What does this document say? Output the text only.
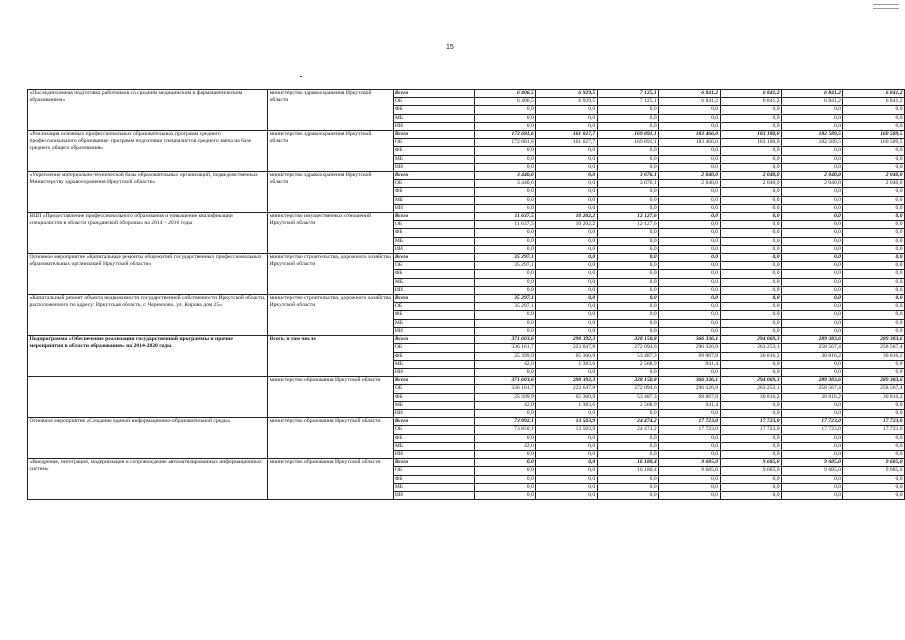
15
«Последипломная подготовка работников со средним медицинским и фармацевтическим образованием»	министерство здравоохранения Иркутской области	Всего	6 406,5	6 929,5	7 125,1	6 841,2	6 841,2	6 841,2	6 841,2
		ОБ	6 406,5	6 929,5	7 125,1	6 841,2	6 841,2	6 841,2	6 841,2
		ФБ	0,0	0,0	0,0	0,0	0,0	0,0	0,0
		МБ	0,0	0,0	0,0	0,0	0,0	0,0	0,0
		ИИ	0,0	0,0	0,0	0,0	0,0	0,0	0,0
«Реализация основных профессиональных образовательных программ среднего профессионального образования- программ подготовки специалистов среднего звена на базе среднего общего образования»	министерство здравоохранения Иркутской области	Всего	172 681,6	161 027,7	169 891,1	183 466,0	183 180,0	182 589,5	160 589,5
		ОБ	172 681,6	161 027,7	169 891,1	183 466,0	183 180,0	182 589,5	160 589,5
		ФБ	0,0	0,0	0,0	0,0	0,0	0,0	0,0
		МБ	0,0	0,0	0,0	0,0	0,0	0,0	0,0
		ИИ	0,0	0,0	0,0	0,0	0,0	0,0	0,0
«Укрепление материально-технической базы образовательных организаций, подведомственных Министерству здравоохранения Иркутской области»	министерство здравоохранения Иркутской области	Всего	3 440,6	0,0	3 676,1	2 040,0	2 040,0	2 040,0	2 040,0
		ОБ	3 440,6	0,0	3 676,1	2 040,0	2 040,0	2 040,0	2 040,0
		ФБ	0,0	0,0	0,0	0,0	0,0	0,0	0,0
		МБ	0,0	0,0	0,0	0,0	0,0	0,0	0,0
		ИИ	0,0	0,0	0,0	0,0	0,0	0,0	0,0
ВЦП «Предоставление профессионального образования и повышение квалификации специалистов в области гражданской обороны» на 2014 – 2016 годы	министерство имущественных отношений Иркутской области	Всего	11 637,5	10 202,2	12 127,6	0,0	0,0	0,0	0,0
		ОБ	11 637,5	10 202,2	12 127,6	0,0	0,0	0,0	0,0
		ФБ	0,0	0,0	0,0	0,0	0,0	0,0	0,0
		МБ	0,0	0,0	0,0	0,0	0,0	0,0	0,0
		ИИ	0,0	0,0	0,0	0,0	0,0	0,0	0,0
Основное мероприятие «Капитальные ремонты общежитий государственных профессиональных образовательных организаций Иркутской области»	министерство строительства, дорожного хозяйства Иркутской области	Всего	35 297,1	0,0	0,0	0,0	0,0	0,0	0,0
		ОБ	35 297,1	0,0	0,0	0,0	0,0	0,0	0,0
		ФБ	0,0	0,0	0,0	0,0	0,0	0,0	0,0
		МБ	0,0	0,0	0,0	0,0	0,0	0,0	0,0
		ИИ	0,0	0,0	0,0	0,0	0,0	0,0	0,0
«Капитальный ремонт объекта недвижимости государственной собственности Иркутской области, расположенного по адресу: Иркутская область, г. Черемхово, ул. Кирова дом 25»	министерство строительства, дорожного хозяйства Иркутской области	Всего	35 297,1	0,0	0,0	0,0	0,0	0,0	0,0
		ОБ	35 297,1	0,0	0,0	0,0	0,0	0,0	0,0
		ФБ	0,0	0,0	0,0	0,0	0,0	0,0	0,0
		МБ	0,0	0,0	0,0	0,0	0,0	0,0	0,0
		ИИ	0,0	0,0	0,0	0,0	0,0	0,0	0,0
Подпрограмма «Обеспечение реализации государственной программы и прочие мероприятия в области образования» на 2014-2020 годы	Всего, в том числе	Всего	371 603,6	290 392,3	328 150,8	366 336,1	294 069,3	289 383,6	289 383,6
		ОБ	336 161,7	223 647,8	272 094,6	296 326,9	263 253,1	258 567,4	258 567,4
		ФБ	35 399,9	65 360,9	53 487,3	69 067,8	30 816,2	30 816,2	30 816,2
		МБ	42,0	1 383,6	2 568,9	941,4	0,0	0,0	0,0
		ИИ	0,0	0,0	0,0	0,0	0,0	0,0	0,0
	министерство образования Иркутской области	Всего	371 603,6	290 392,3	328 150,8	366 336,1	294 069,3	289 383,6	289 383,6
		ОБ	336 161,7	223 647,8	272 094,6	296 326,9	263 253,1	258 567,4	258 567,4
		ФБ	35 399,9	65 360,9	53 487,3	69 067,8	30 816,2	30 816,2	30 816,2
		МБ	42,0	1 383,6	2 568,9	941,4	0,0	0,0	0,0
		ИИ	0,0	0,0	0,0	0,0	0,0	0,0	0,0
Основное мероприятие «Создание единой информационно-образовательной среды»	министерство образования Иркутской области	Всего	73 892,1	13 503,9	24 474,2	17 723,0	17 723,0	17 723,0	17 723,0
		ОБ	73 850,1	13 503,9	24 474,2	17 723,0	17 723,0	17 723,0	17 723,0
		ФБ	0,0	0,0	0,0	0,0	0,0	0,0	0,0
		МБ	42,0	0,0	0,0	0,0	0,0	0,0	0,0
		ИИ	0,0	0,0	0,0	0,0	0,0	0,0	0,0
«Внедрение, интеграция, модернизация и сопровождение автоматизированных информационных систем»	министерство образования Иркутской области	Всего	0,0	0,0	16 180,4	9 685,0	9 685,0	9 685,0	9 685,0
		ОБ	0,0	0,0	16 180,4	9 685,0	9 685,0	9 685,0	9 685,0
		ФБ	0,0	0,0	0,0	0,0	0,0	0,0	0,0
		МБ	0,0	0,0	0,0	0,0	0,0	0,0	0,0
		ИИ	0,0	0,0	0,0	0,0	0,0	0,0	0,0
